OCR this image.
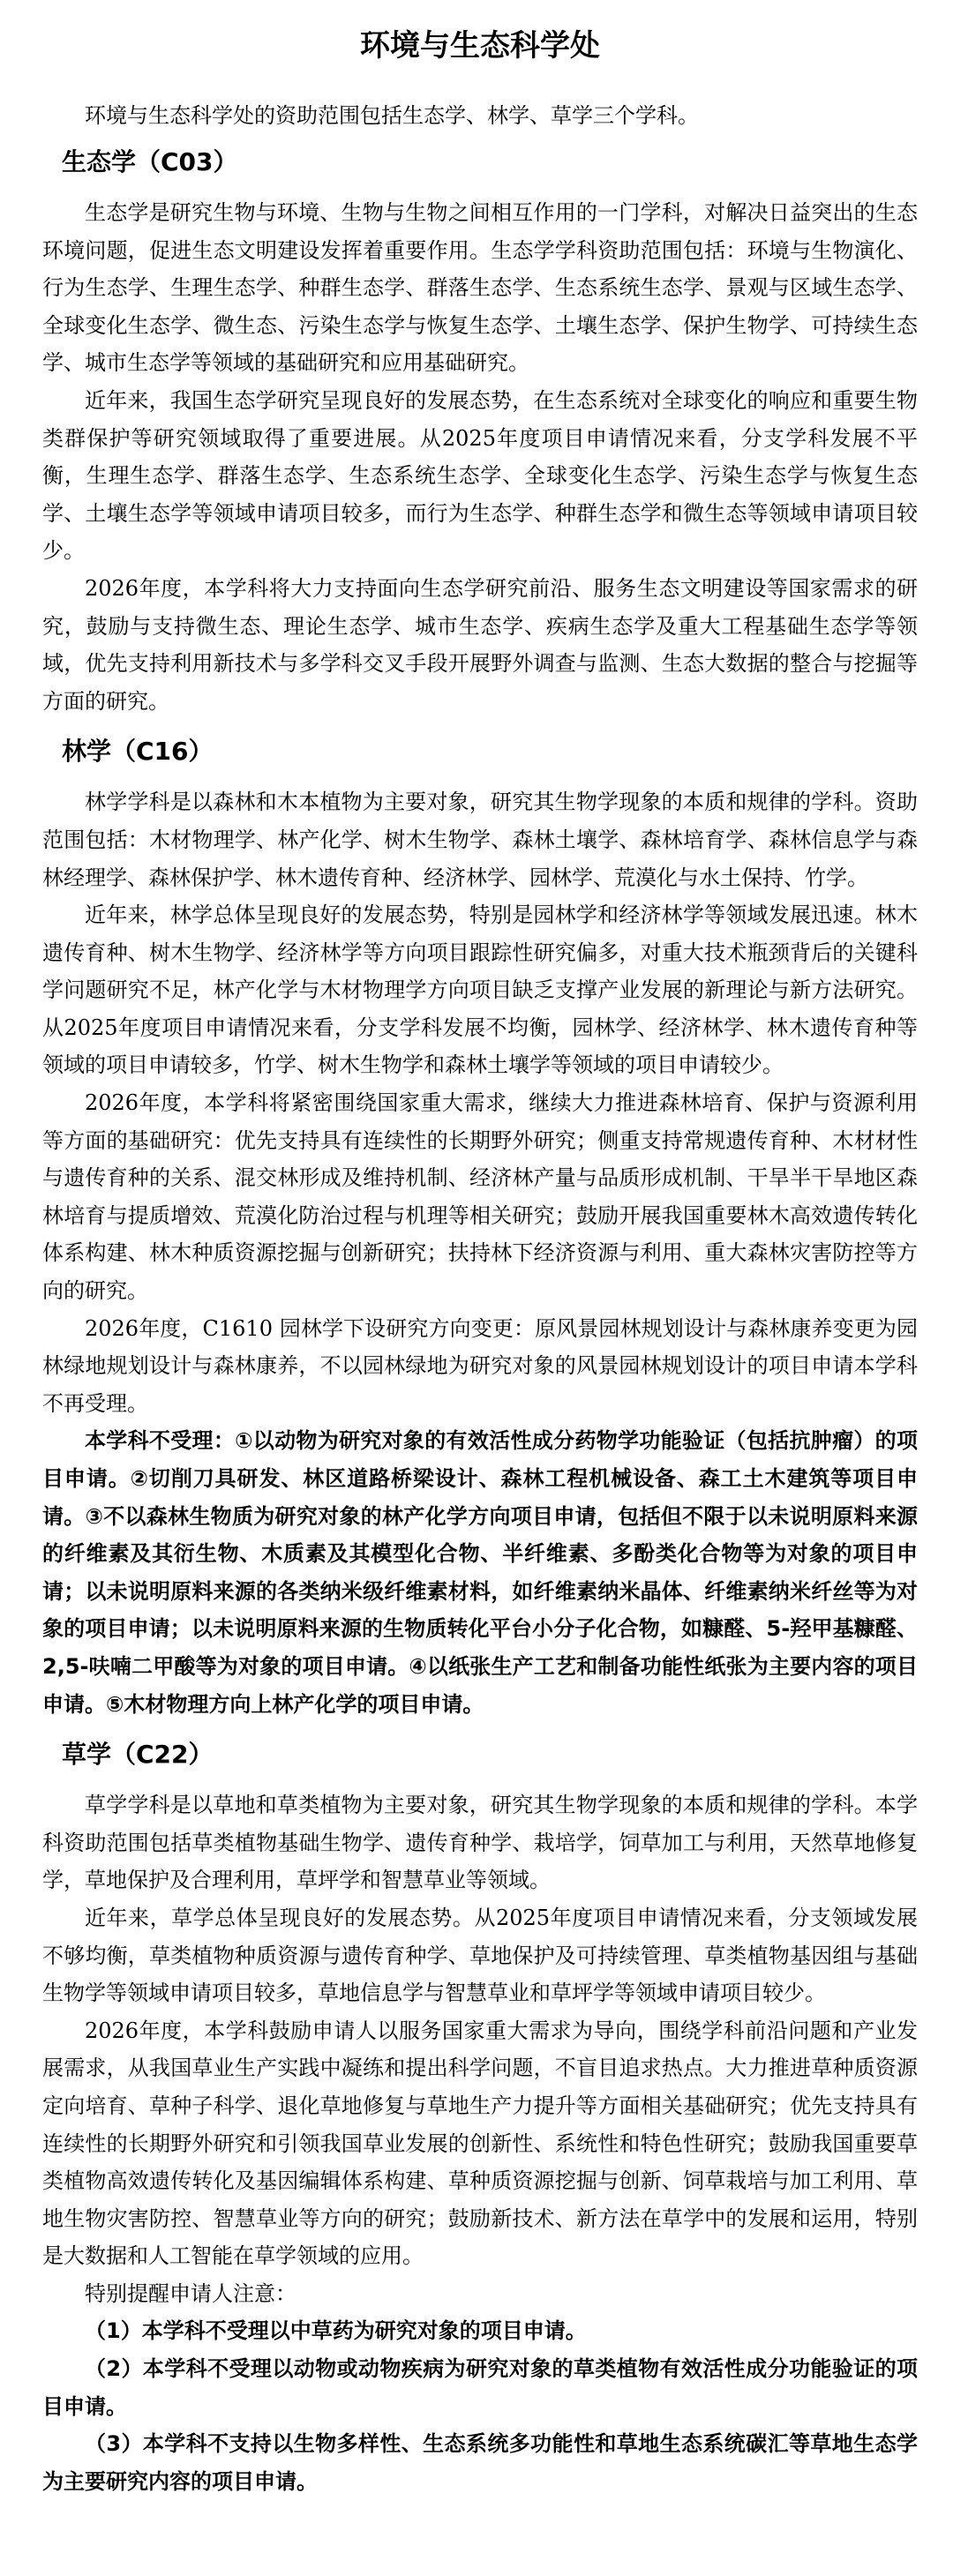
环境与生态科学处

环境与生态科学处的资助范围包括生态学、林学、草学三个学科。

生态学（C03）

生态学是研究生物与环境、生物与生物之间相互作用的一门学科，对解决日益突出的生态环境问题，促进生态文明建设发挥着重要作用。生态学学科资助范围包括：环境与生物演化、行为生态学、生理生态学、种群生态学、群落生态学、生态系统生态学、景观与区域生态学、全球变化生态学、微生态、污染生态学与恢复生态学、土壤生态学、保护生物学、可持续生态学、城市生态学等领域的基础研究和应用基础研究。

近年来，我国生态学研究呈现良好的发展态势，在生态系统对全球变化的响应和重要生物类群保护等研究领域取得了重要进展。从2025年度项目申请情况来看，分支学科发展不平衡，生理生态学、群落生态学、生态系统生态学、全球变化生态学、污染生态学与恢复生态学、土壤生态学等领域申请项目较多，而行为生态学、种群生态学和微生态等领域申请项目较少。

2026年度，本学科将大力支持面向生态学研究前沿、服务生态文明建设等国家需求的研究，鼓励与支持微生态、理论生态学、城市生态学、疾病生态学及重大工程基础生态学等领域，优先支持利用新技术与多学科交叉手段开展野外调查与监测、生态大数据的整合与挖掘等方面的研究。

林学（C16）

林学学科是以森林和木本植物为主要对象，研究其生物学现象的本质和规律的学科。资助范围包括：木材物理学、林产化学、树木生物学、森林土壤学、森林培育学、森林信息学与森林经理学、森林保护学、林木遗传育种、经济林学、园林学、荒漠化与水土保持、竹学。

近年来，林学总体呈现良好的发展态势，特别是园林学和经济林学等领域发展迅速。林木遗传育种、树木生物学、经济林学等方向项目跟踪性研究偏多，对重大技术瓶颈背后的关键科学问题研究不足，林产化学与木材物理学方向项目缺乏支撑产业发展的新理论与新方法研究。从2025年度项目申请情况来看，分支学科发展不均衡，园林学、经济林学、林木遗传育种等领域的项目申请较多，竹学、树木生物学和森林土壤学等领域的项目申请较少。

2026年度，本学科将紧密围绕国家重大需求，继续大力推进森林培育、保护与资源利用等方面的基础研究：优先支持具有连续性的长期野外研究；侧重支持常规遗传育种、木材材性与遗传育种的关系、混交林形成及维持机制、经济林产量与品质形成机制、干旱半干旱地区森林培育与提质增效、荒漠化防治过程与机理等相关研究；鼓励开展我国重要林木高效遗传转化体系构建、林木种质资源挖掘与创新研究；扶持林下经济资源与利用、重大森林灾害防控等方向的研究。

2026年度，C1610 园林学下设研究方向变更：原风景园林规划设计与森林康养变更为园林绿地规划设计与森林康养，不以园林绿地为研究对象的风景园林规划设计的项目申请本学科不再受理。

本学科不受理：①以动物为研究对象的有效活性成分药物学功能验证（包括抗肿瘤）的项目申请。②切削刀具研发、林区道路桥梁设计、森林工程机械设备、森工土木建筑等项目申请。③不以森林生物质为研究对象的林产化学方向项目申请，包括但不限于以未说明原料来源的纤维素及其衍生物、木质素及其模型化合物、半纤维素、多酚类化合物等为对象的项目申请；以未说明原料来源的各类纳米级纤维素材料，如纤维素纳米晶体、纤维素纳米纤丝等为对象的项目申请；以未说明原料来源的生物质转化平台小分子化合物，如糠醛、5-羟甲基糠醛、2,5-呋喃二甲酸等为对象的项目申请。④以纸张生产工艺和制备功能性纸张为主要内容的项目申请。⑤木材物理方向上林产化学的项目申请。

草学（C22）

草学学科是以草地和草类植物为主要对象，研究其生物学现象的本质和规律的学科。本学科资助范围包括草类植物基础生物学、遗传育种学、栽培学，饲草加工与利用，天然草地修复学，草地保护及合理利用，草坪学和智慧草业等领域。

近年来，草学总体呈现良好的发展态势。从2025年度项目申请情况来看，分支领域发展不够均衡，草类植物种质资源与遗传育种学、草地保护及可持续管理、草类植物基因组与基础生物学等领域申请项目较多，草地信息学与智慧草业和草坪学等领域申请项目较少。

2026年度，本学科鼓励申请人以服务国家重大需求为导向，围绕学科前沿问题和产业发展需求，从我国草业生产实践中凝练和提出科学问题，不盲目追求热点。大力推进草种质资源定向培育、草种子科学、退化草地修复与草地生产力提升等方面相关基础研究；优先支持具有连续性的长期野外研究和引领我国草业发展的创新性、系统性和特色性研究；鼓励我国重要草类植物高效遗传转化及基因编辑体系构建、草种质资源挖掘与创新、饲草栽培与加工利用、草地生物灾害防控、智慧草业等方向的研究；鼓励新技术、新方法在草学中的发展和运用，特别是大数据和人工智能在草学领域的应用。

特别提醒申请人注意：

（1）本学科不受理以中草药为研究对象的项目申请。

（2）本学科不受理以动物或动物疾病为研究对象的草类植物有效活性成分功能验证的项目申请。

（3）本学科不支持以生物多样性、生态系统多功能性和草地生态系统碳汇等草地生态学为主要研究内容的项目申请。
